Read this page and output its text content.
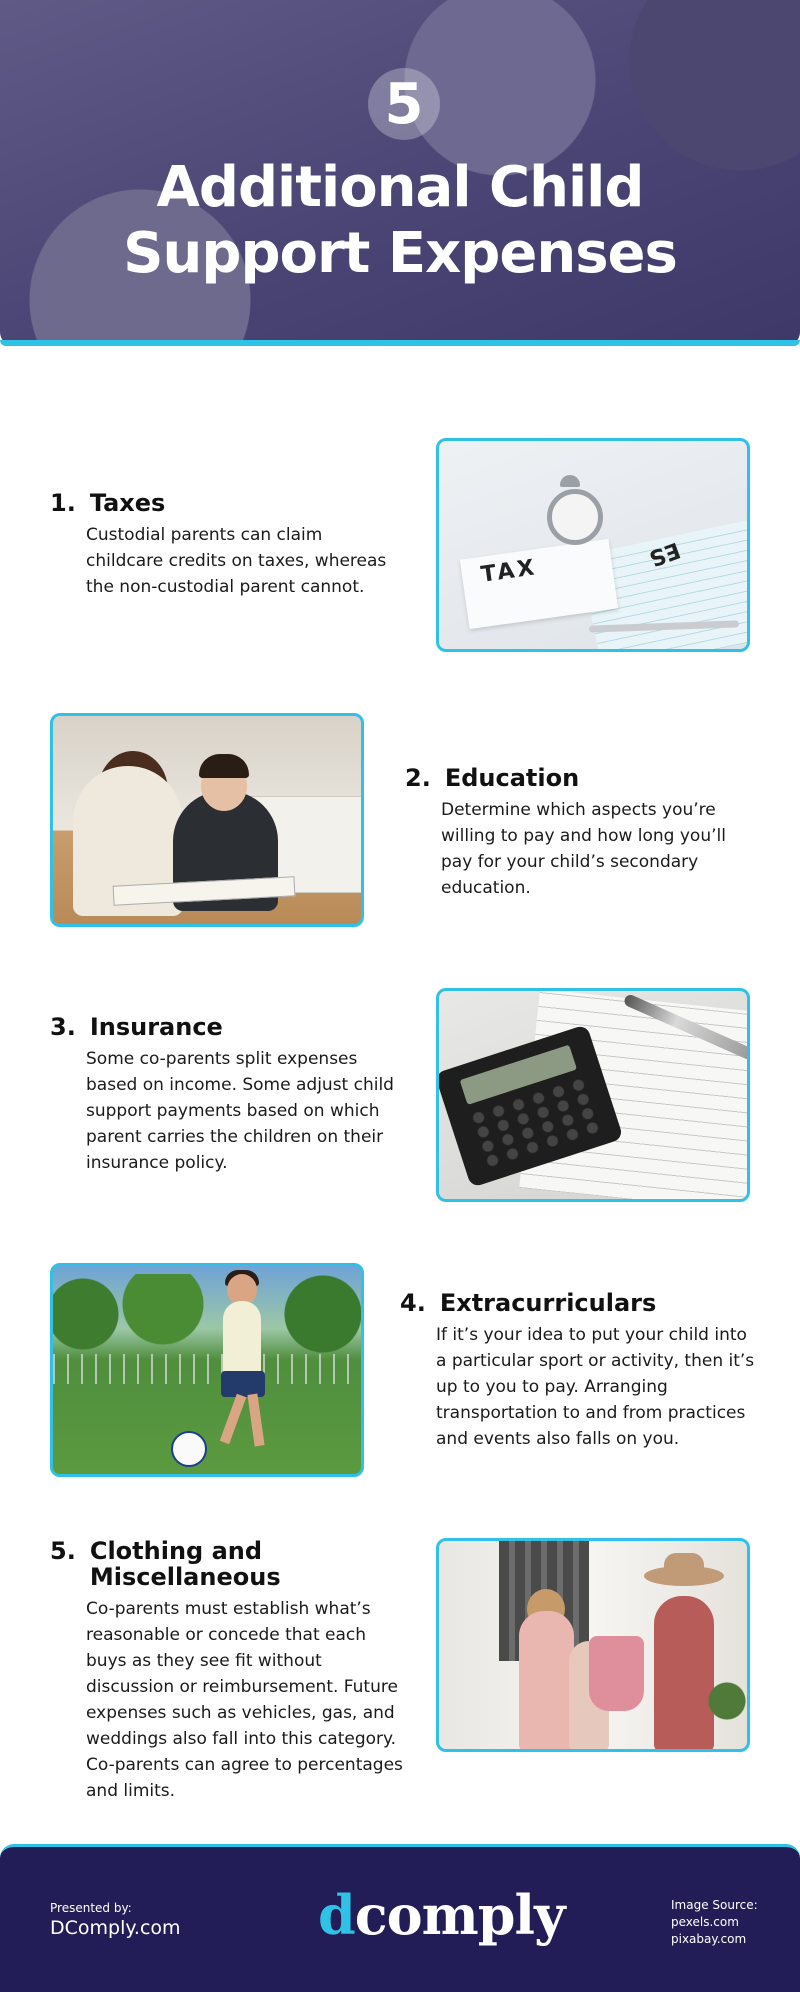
5
Additional Child
Support Expenses
1. Taxes
Custodial parents can claim childcare credits on taxes, whereas the non-custodial parent cannot.	TAX
ES
2. Education
Determine which aspects you’re willing to pay and how long you’ll pay for your child’s secondary education.
3. Insurance
Some co-parents split expenses based on income. Some adjust child support payments based on which parent carries the children on their insurance policy.
4. Extracurriculars
If it’s your idea to put your child into a particular sport or activity, then it’s up to you to pay. Arranging transportation to and from practices and events also falls on you.
5. Clothing and Miscellaneous
Co-parents must establish what’s reasonable or concede that each buys as they see fit without discussion or reimbursement. Future expenses such as vehicles, gas, and weddings also fall into this category. Co-parents can agree to percentages and limits.
Presented by:
DComply.com	dcomply	Image Source:
pexels.com
pixabay.com
